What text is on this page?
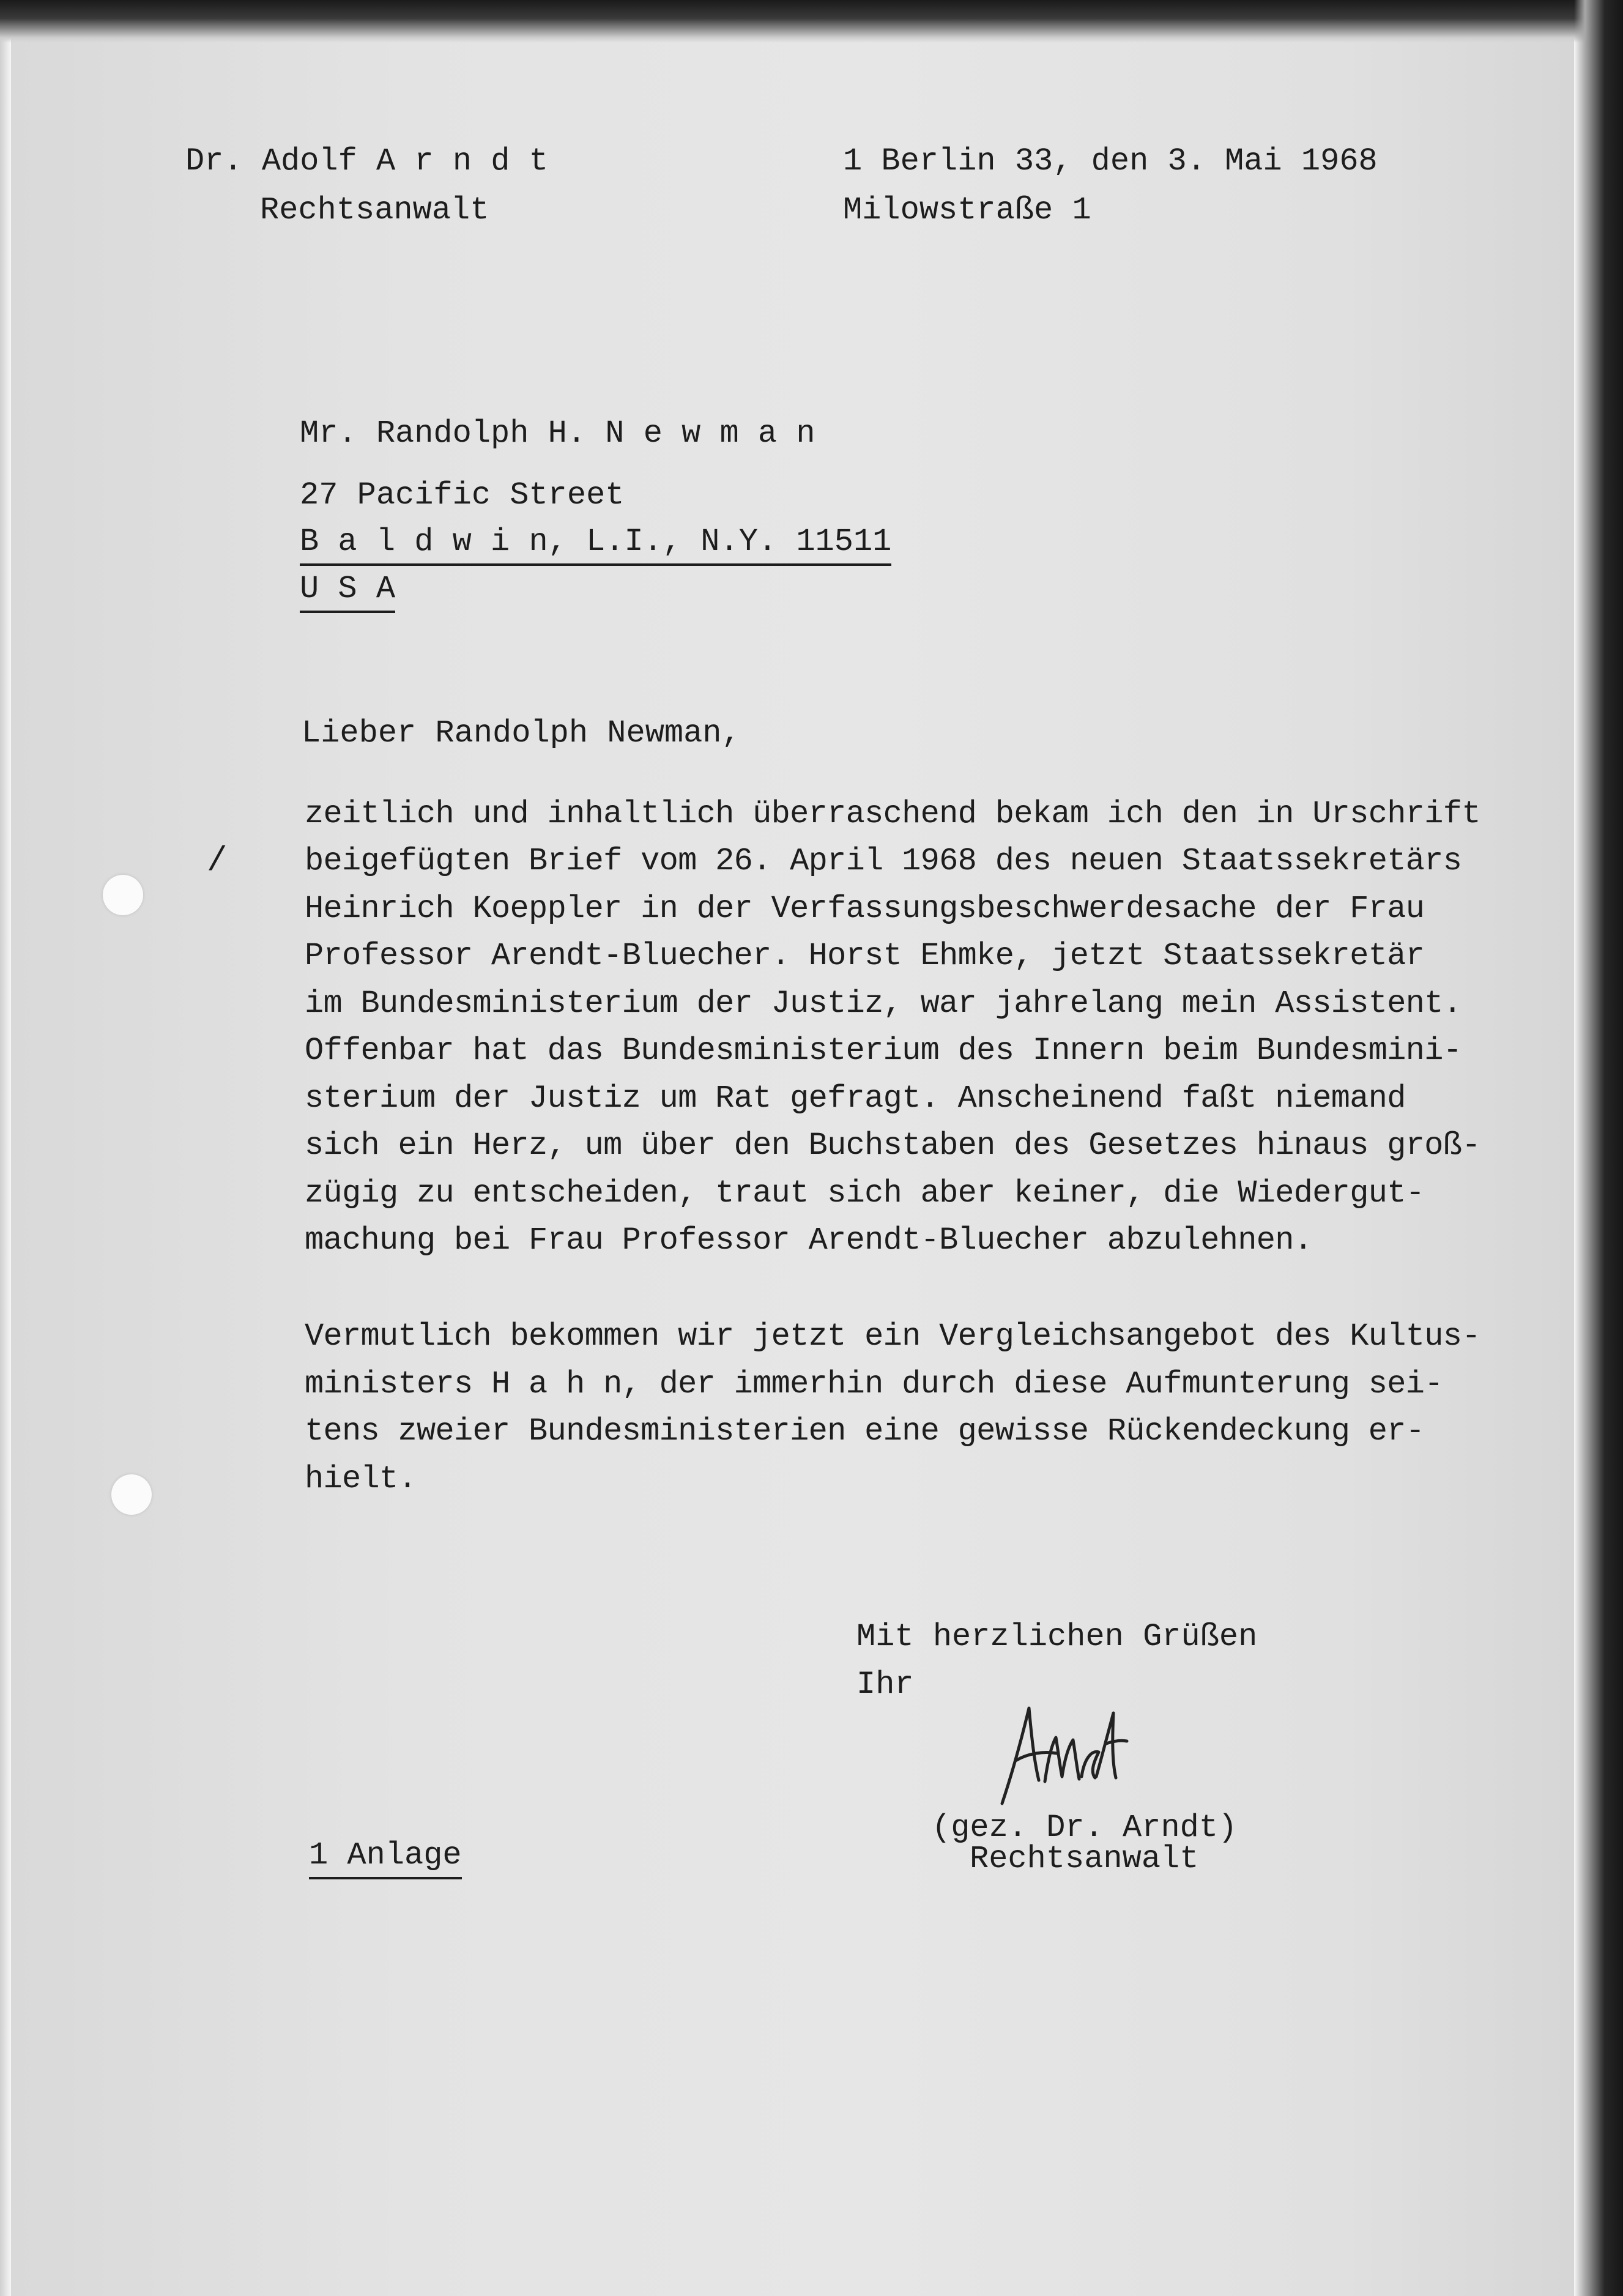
Dr. Adolf A r n d t

Rechtsanwalt

1 Berlin 33, den 3. Mai 1968

Milowstraße 1

Mr. Randolph H. N e w m a n

27 Pacific Street

B a l d w i n, L.I., N.Y. 11511

U S A

Lieber Randolph Newman,

/

zeitlich und inhaltlich überraschend bekam ich den in Urschrift

beigefügten Brief vom 26. April 1968 des neuen Staatssekretärs

Heinrich Koeppler in der Verfassungsbeschwerdesache der Frau

Professor Arendt-Bluecher. Horst Ehmke, jetzt Staatssekretär

im Bundesministerium der Justiz, war jahrelang mein Assistent.

Offenbar hat das Bundesministerium des Innern beim Bundesmini-

sterium der Justiz um Rat gefragt. Anscheinend faßt niemand

sich ein Herz, um über den Buchstaben des Gesetzes hinaus groß-

zügig zu entscheiden, traut sich aber keiner, die Wiedergut-

machung bei Frau Professor Arendt-Bluecher abzulehnen.

Vermutlich bekommen wir jetzt ein Vergleichsangebot des Kultus-

ministers H a h n, der immerhin durch diese Aufmunterung sei-

tens zweier Bundesministerien eine gewisse Rückendeckung er-

hielt.

Mit herzlichen Grüßen

Ihr

(gez. Dr. Arndt)

Rechtsanwalt

1 Anlage
